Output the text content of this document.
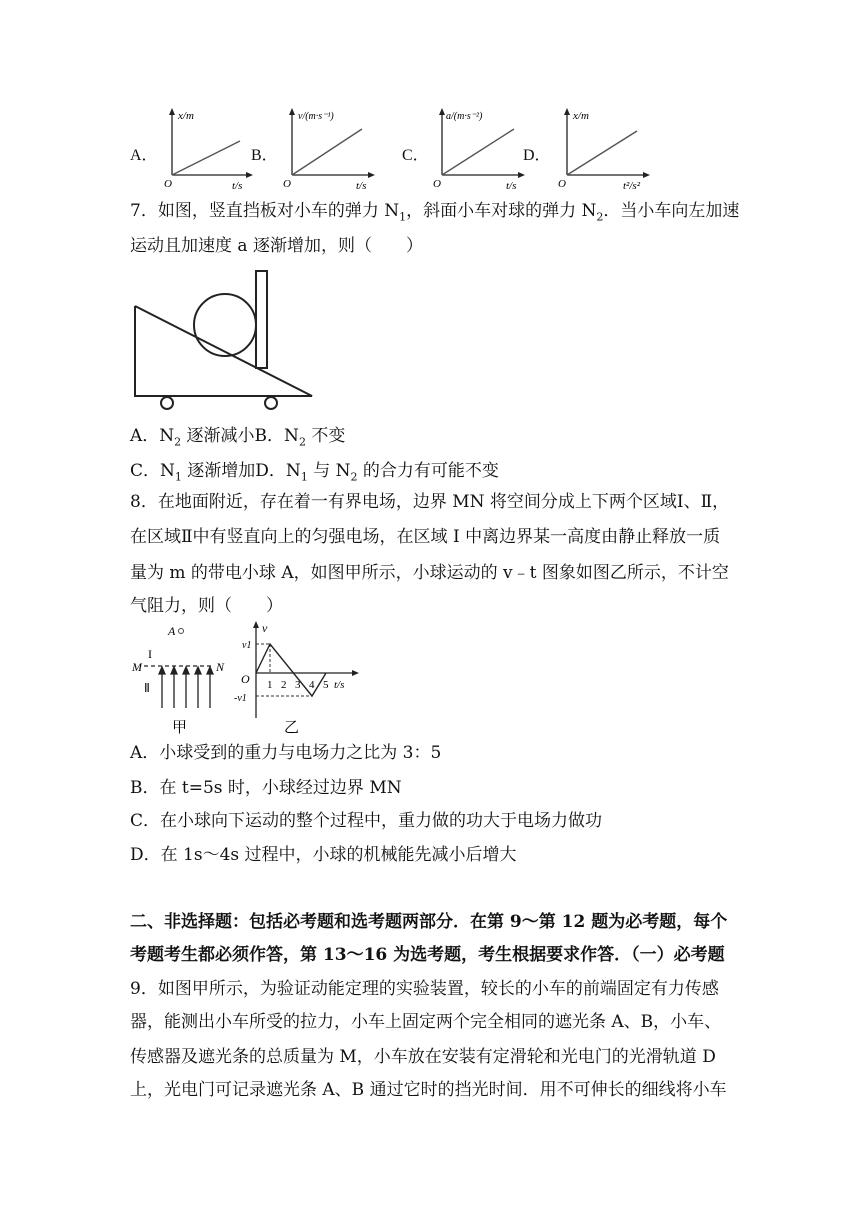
A．
x/m
O	t/s
B．
v/(m·s⁻¹)
O	t/s
C．
a/(m·s⁻²)
O	t/s
D．
x/m
O	t²/s²
7．如图，竖直挡板对小车的弹力 $N_1$，斜面小车对球的弹力 $N_2$．当小车向左加速
运动且加速度 a 逐渐增加，则（　　）
A．$N_2$ 逐渐减小B．$N_2$ 不变
C．$N_1$ 逐渐增加D．$N_1$ 与 $N_2$ 的合力有可能不变
8．在地面附近，存在着一有界电场，边界 MN 将空间分成上下两个区域Ⅰ、Ⅱ，
在区域Ⅱ中有竖直向上的匀强电场，在区域 I 中离边界某一高度由静止释放一质
量为 m 的带电小球 A，如图甲所示，小球运动的 v﹣t 图象如图乙所示，不计空
气阻力，则（　　）
A
I
M	N
Ⅱ
甲
v
v1
-v1
O 1 2 3 4 5 t/s
乙
A．小球受到的重力与电场力之比为 3：5
B．在 t=5s 时，小球经过边界 MN
C．在小球向下运动的整个过程中，重力做的功大于电场力做功
D．在 1s～4s 过程中，小球的机械能先减小后增大
二、非选择题：包括必考题和选考题两部分．在第 9～第 12 题为必考题，每个
考题考生都必须作答，第 13～16 为选考题，考生根据要求作答．（一）必考题
9．如图甲所示，为验证动能定理的实验装置，较长的小车的前端固定有力传感
器，能测出小车所受的拉力，小车上固定两个完全相同的遮光条 A、B，小车、
传感器及遮光条的总质量为 M，小车放在安装有定滑轮和光电门的光滑轨道 D
上，光电门可记录遮光条 A、B 通过它时的挡光时间．用不可伸长的细线将小车
